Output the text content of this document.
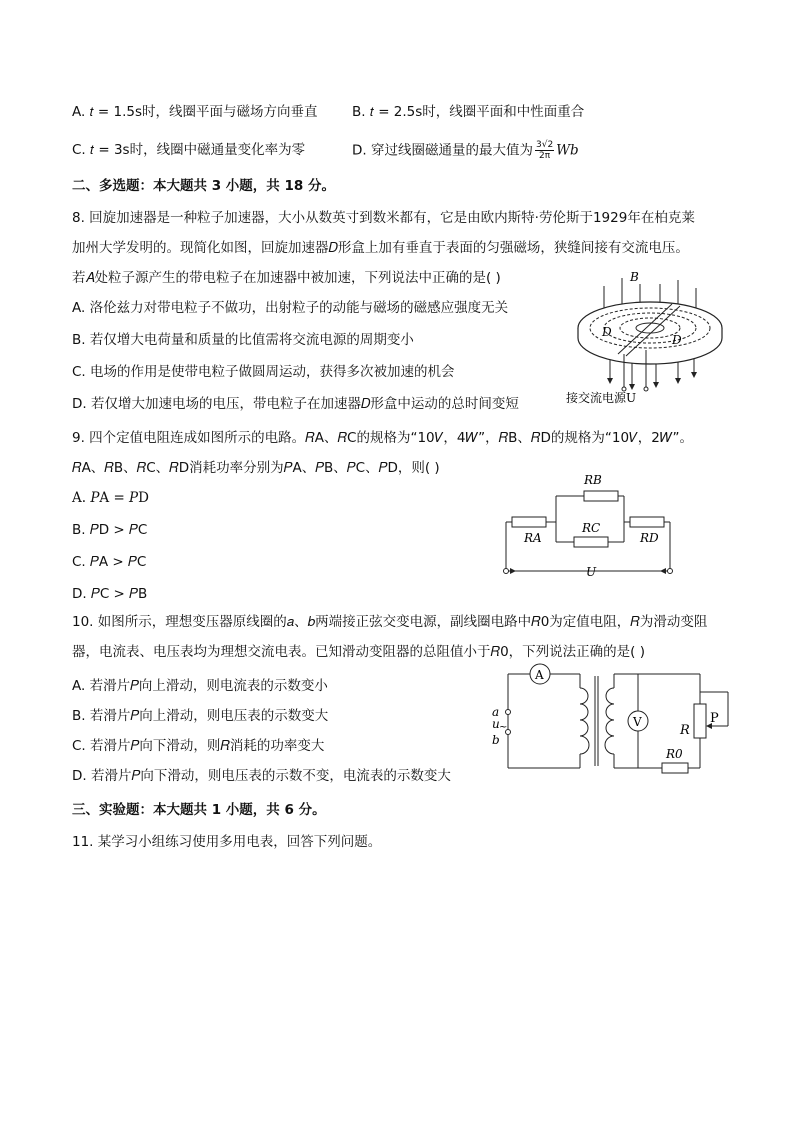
A. 𝑡 = 1.5s时，线圈平面与磁场方向垂直	B. 𝑡 = 2.5s时，线圈平面和中性面重合
C. 𝑡 = 3s时，线圈中磁通量变化率为零	D. 穿过线圈磁通量的最大值为 $\frac{3√2}{2\pi}$ Wb
二、多选题：本大题共 3 小题，共 18 分。
8. 回旋加速器是一种粒子加速器，大小从数英寸到数米都有，它是由欧内斯特·劳伦斯于1929年在柏克莱
加州大学发明的。现简化如图，回旋加速器𝐷形盒上加有垂直于表面的匀强磁场，狭缝间接有交流电压。
若𝐴处粒子源产生的带电粒子在加速器中被加速，下列说法中正确的是( )
A. 洛伦兹力对带电粒子不做功，出射粒子的动能与磁场的磁感应强度无关
B. 若仅增大电荷量和质量的比值需将交流电源的周期变小
C. 电场的作用是使带电粒子做圆周运动，获得多次被加速的机会
D. 若仅增大加速电场的电压，带电粒子在加速器𝐷形盒中运动的总时间变短
B
D
D
接交流电源U
9. 四个定值电阻连成如图所示的电路。𝑅A、𝑅C的规格为“10𝑉，4𝑊”，𝑅B、𝑅D的规格为“10𝑉，2𝑊”。
𝑅A、𝑅B、𝑅C、𝑅D消耗功率分别为𝑃A、𝑃B、𝑃C、𝑃D，则( )
A. 𝑃A = 𝑃D
B. 𝑃D > 𝑃C
C. 𝑃A > 𝑃C
D. 𝑃C > 𝑃B
RA
RB
RC
RD
U
10. 如图所示，理想变压器原线圈的𝑎、𝑏两端接正弦交变电源，副线圈电路中𝑅0为定值电阻，𝑅为滑动变阻
器，电流表、电压表均为理想交流电表。已知滑动变阻器的总阻值小于𝑅0，下列说法正确的是( )
A. 若滑片𝑃向上滑动，则电流表的示数变小
B. 若滑片𝑃向上滑动，则电压表的示数变大
C. 若滑片𝑃向下滑动，则𝑅消耗的功率变大
D. 若滑片𝑃向下滑动，则电压表的示数不变，电流表的示数变大
A
V
a
u ~
b
R
P
R0
三、实验题：本大题共 1 小题，共 6 分。
11. 某学习小组练习使用多用电表，回答下列问题。
